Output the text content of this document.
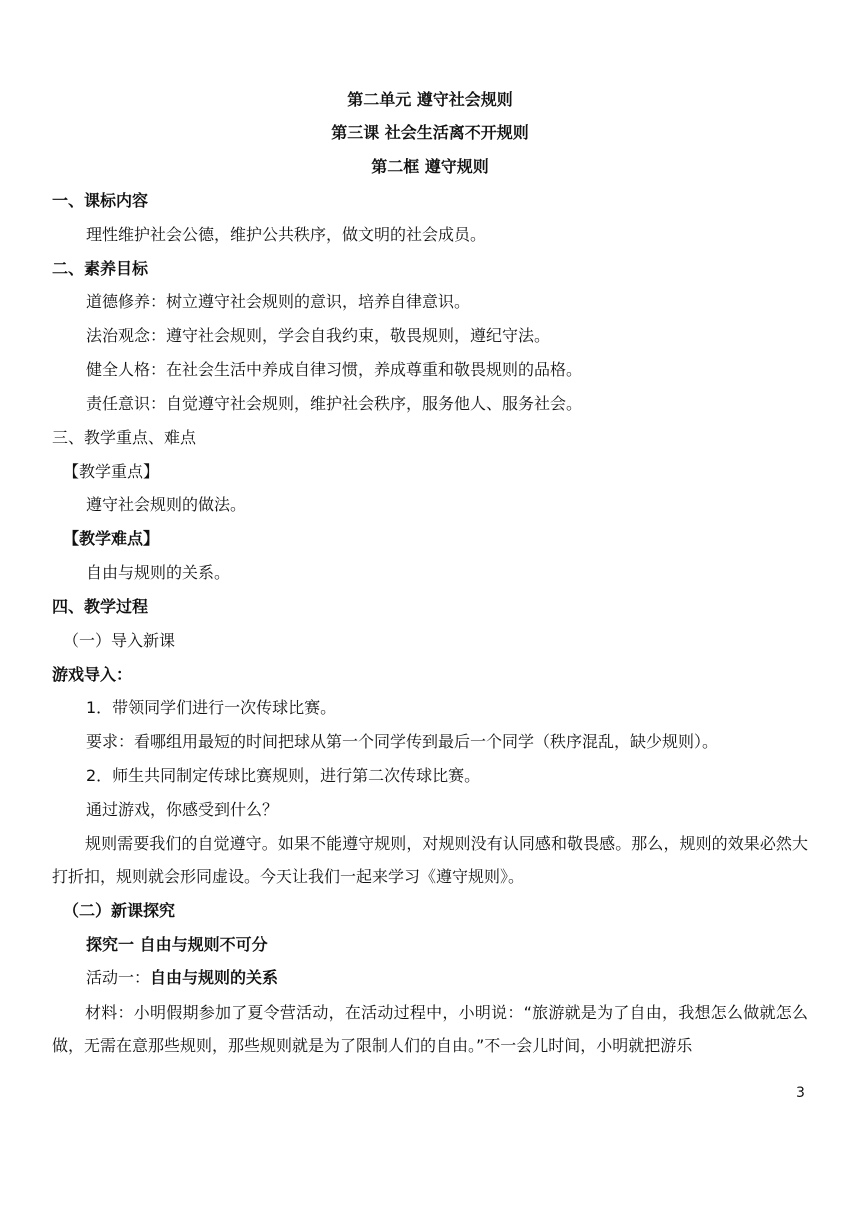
第二单元 遵守社会规则
第三课 社会生活离不开规则
第二框 遵守规则
一、课标内容
理性维护社会公德，维护公共秩序，做文明的社会成员。
二、素养目标
道德修养：树立遵守社会规则的意识，培养自律意识。
法治观念：遵守社会规则，学会自我约束，敬畏规则，遵纪守法。
健全人格：在社会生活中养成自律习惯，养成尊重和敬畏规则的品格。
责任意识：自觉遵守社会规则，维护社会秩序，服务他人、服务社会。
三、教学重点、难点
【教学重点】
遵守社会规则的做法。
【教学难点】
自由与规则的关系。
四、教学过程
（一）导入新课
游戏导入：
1．带领同学们进行一次传球比赛。
要求：看哪组用最短的时间把球从第一个同学传到最后一个同学（秩序混乱，缺少规则）。
2．师生共同制定传球比赛规则，进行第二次传球比赛。
通过游戏，你感受到什么？
规则需要我们的自觉遵守。如果不能遵守规则，对规则没有认同感和敬畏感。那么，规则的效果必然大打折扣，规则就会形同虚设。今天让我们一起来学习《遵守规则》。
（二）新课探究
探究一 自由与规则不可分
活动一：自由与规则的关系
材料：小明假期参加了夏令营活动，在活动过程中，小明说：“旅游就是为了自由，我想怎么做就怎么做，无需在意那些规则，那些规则就是为了限制人们的自由。”不一会儿时间，小明就把游乐
3
